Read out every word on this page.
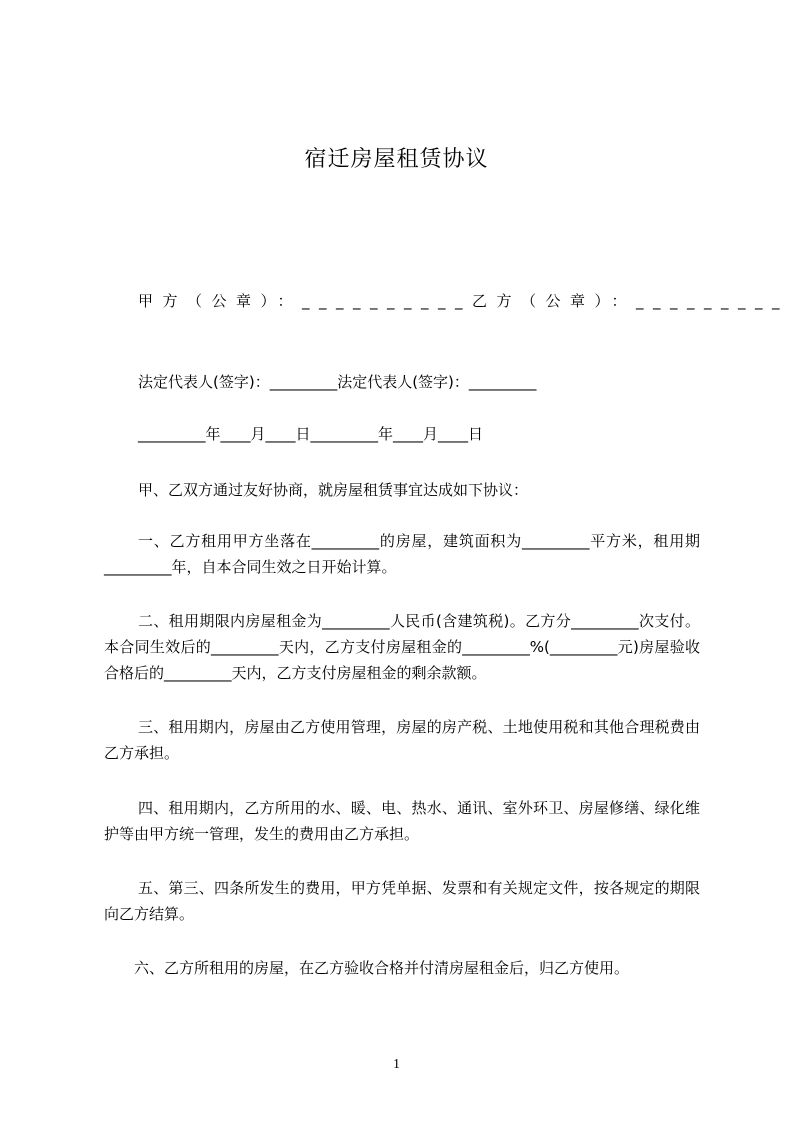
宿迁房屋租赁协议
甲方（公章）：__________乙方（公章）：_________
法定代表人(签字)：_________法定代表人(签字)：_________
_________年____月____日_________年____月____日
甲、乙双方通过友好协商，就房屋租赁事宜达成如下协议：
一、乙方租用甲方坐落在_________的房屋，建筑面积为_________平方米，租用期_________年，自本合同生效之日开始计算。
二、租用期限内房屋租金为_________人民币(含建筑税)。乙方分_________次支付。本合同生效后的_________天内，乙方支付房屋租金的_________%(_________元)房屋验收合格后的_________天内，乙方支付房屋租金的剩余款额。
三、租用期内，房屋由乙方使用管理，房屋的房产税、土地使用税和其他合理税费由乙方承担。
四、租用期内，乙方所用的水、暖、电、热水、通讯、室外环卫、房屋修缮、绿化维护等由甲方统一管理，发生的费用由乙方承担。
五、第三、四条所发生的费用，甲方凭单据、发票和有关规定文件，按各规定的期限向乙方结算。
六、乙方所租用的房屋，在乙方验收合格并付清房屋租金后，归乙方使用。
1
